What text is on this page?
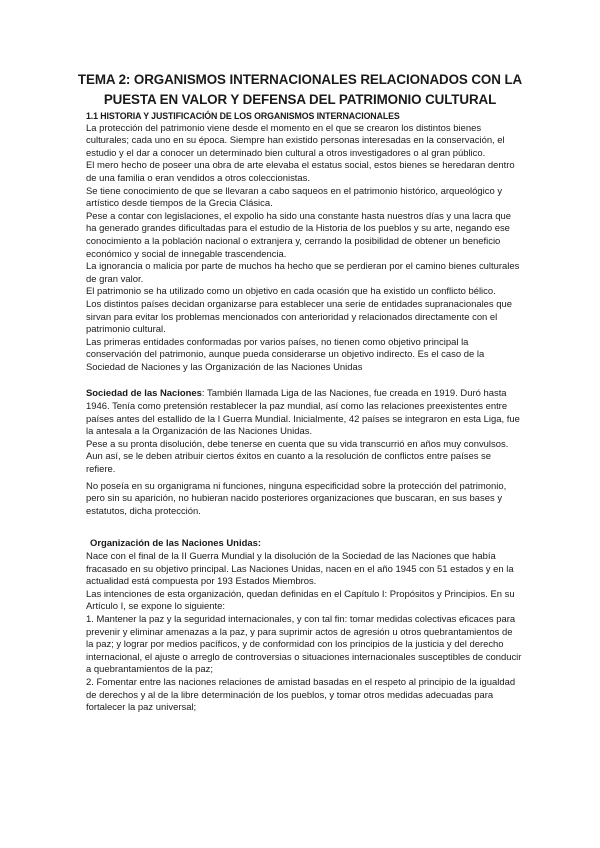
TEMA 2: ORGANISMOS INTERNACIONALES RELACIONADOS CON LA
PUESTA EN VALOR Y DEFENSA DEL PATRIMONIO CULTURAL

1.1 HISTORIA Y JUSTIFICACIÓN DE LOS ORGANISMOS INTERNACIONALES

La protección del patrimonio viene desde el momento en el que se crearon los distintos bienes culturales; cada uno en su época. Siempre han existido personas interesadas en la conservación, el estudio y el dar a conocer un determinado bien cultural a otros investigadores o al gran público.

El mero hecho de poseer una obra de arte elevaba el estatus social, estos bienes se heredaran dentro de una familia o eran vendidos a otros coleccionistas.

Se tiene conocimiento de que se llevaran a cabo saqueos en el patrimonio histórico, arqueológico y artístico desde tiempos de la Grecia Clásica.

Pese a contar con legislaciones, el expolio ha sido una constante hasta nuestros días y una lacra que ha generado grandes dificultadas para el estudio de la Historia de los pueblos y su arte, negando ese conocimiento a la población nacional o extranjera y, cerrando la posibilidad de obtener un beneficio económico y social de innegable trascendencia.

La ignorancia o malicia por parte de muchos ha hecho que se perdieran por el camino bienes culturales de gran valor.

El patrimonio se ha utilizado como un objetivo en cada ocasión que ha existido un conflicto bélico.

Los distintos países decidan organizarse para establecer una serie de entidades supranacionales que sirvan para evitar los problemas mencionados con anterioridad y relacionados directamente con el patrimonio cultural.

Las primeras entidades conformadas por varios países, no tienen como objetivo principal la conservación del patrimonio, aunque pueda considerarse un objetivo indirecto. Es el caso de la Sociedad de Naciones y las Organización de las Naciones Unidas

Sociedad de las Naciones: También llamada Liga de las Naciones, fue creada en 1919. Duró hasta 1946. Tenía como pretensión restablecer la paz mundial, así como las relaciones preexistentes entre países antes del estallido de la I Guerra Mundial. Inicialmente, 42 países se integraron en esta Liga, fue la antesala a la Organización de las Naciones Unidas.

Pese a su pronta disolución, debe tenerse en cuenta que su vida transcurrió en años muy convulsos. Aun así, se le deben atribuir ciertos éxitos en cuanto a la resolución de conflictos entre países se refiere.

No poseía en su organigrama ni funciones, ninguna especificidad sobre la protección del patrimonio, pero sin su aparición, no hubieran nacido posteriores organizaciones que buscaran, en sus bases y estatutos, dicha protección.

Organización de las Naciones Unidas:

Nace con el final de la II Guerra Mundial y la disolución de la Sociedad de las Naciones que había fracasado en su objetivo principal. Las Naciones Unidas, nacen en el año 1945 con 51 estados y en la actualidad está compuesta por 193 Estados Miembros.

Las intenciones de esta organización, quedan definidas en el Capítulo I: Propósitos y Principios. En su Artículo I, se expone lo siguiente:

1. Mantener la paz y la seguridad internacionales, y con tal fin: tomar medidas colectivas eficaces para prevenir y eliminar amenazas a la paz, y para suprimir actos de agresión u otros quebrantamientos de la paz; y lograr por medios pacíficos, y de conformidad con los principios de la justicia y del derecho internacional, el ajuste o arreglo de controversias o situaciones internacionales susceptibles de conducir a quebrantamientos de la paz;

2. Fomentar entre las naciones relaciones de amistad basadas en el respeto al principio de la igualdad de derechos y al de la libre determinación de los pueblos, y tomar otros medidas adecuadas para fortalecer la paz universal;
